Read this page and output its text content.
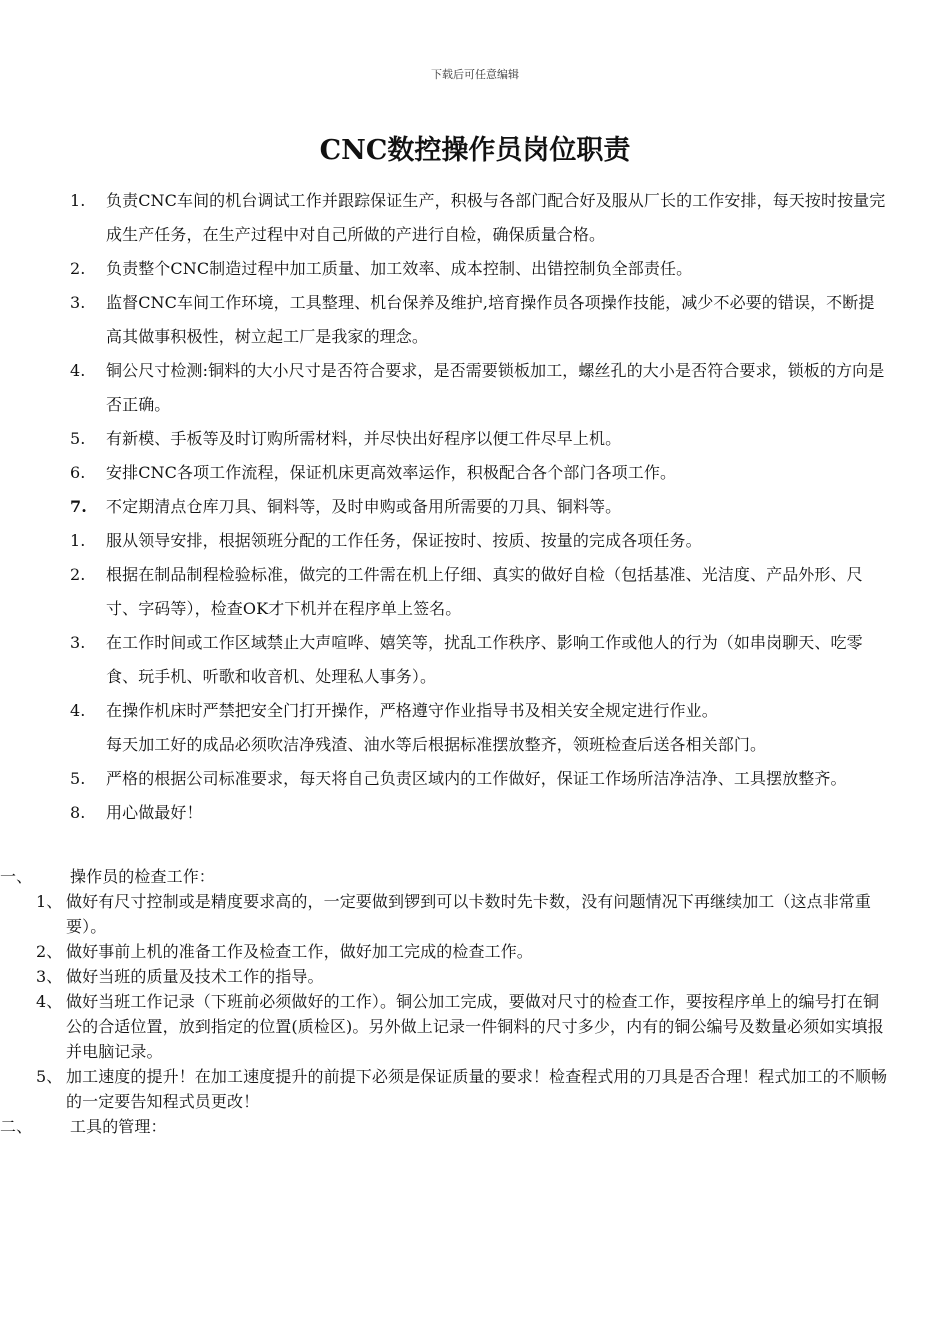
下载后可任意编辑
CNC数控操作员岗位职责
1. 负责CNC车间的机台调试工作并跟踪保证生产，积极与各部门配合好及服从厂长的工作安排，每天按时按量完成生产任务，在生产过程中对自己所做的产进行自检，确保质量合格。
2. 负责整个CNC制造过程中加工质量、加工效率、成本控制、出错控制负全部责任。
3. 监督CNC车间工作环境，工具整理、机台保养及维护,培育操作员各项操作技能，减少不必要的错误，不断提高其做事积极性，树立起工厂是我家的理念。
4. 铜公尺寸检测:铜料的大小尺寸是否符合要求，是否需要锁板加工，螺丝孔的大小是否符合要求，锁板的方向是否正确。
5. 有新模、手板等及时订购所需材料，并尽快出好程序以便工件尽早上机。
6. 安排CNC各项工作流程，保证机床更高效率运作，积极配合各个部门各项工作。
7. 不定期清点仓库刀具、铜料等，及时申购或备用所需要的刀具、铜料等。
1. 服从领导安排，根据领班分配的工作任务，保证按时、按质、按量的完成各项任务。
2. 根据在制品制程检验标准，做完的工件需在机上仔细、真实的做好自检（包括基准、光洁度、产品外形、尺寸、字码等），检查OK才下机并在程序单上签名。
3. 在工作时间或工作区域禁止大声喧哗、嬉笑等，扰乱工作秩序、影响工作或他人的行为（如串岗聊天、吃零食、玩手机、听歌和收音机、处理私人事务）。
4. 在操作机床时严禁把安全门打开操作，严格遵守作业指导书及相关安全规定进行作业。
每天加工好的成品必须吹洁净残渣、油水等后根据标准摆放整齐，领班检查后送各相关部门。
5. 严格的根据公司标准要求，每天将自己负责区域内的工作做好，保证工作场所洁净洁净、工具摆放整齐。
8. 用心做最好！
一、 操作员的检查工作：
1、 做好有尺寸控制或是精度要求高的，一定要做到锣到可以卡数时先卡数，没有问题情况下再继续加工（这点非常重要）。
2、 做好事前上机的准备工作及检查工作，做好加工完成的检查工作。
3、 做好当班的质量及技术工作的指导。
4、 做好当班工作记录（下班前必须做好的工作）。铜公加工完成，要做对尺寸的检查工作，要按程序单上的编号打在铜公的合适位置，放到指定的位置(质检区)。另外做上记录一件铜料的尺寸多少，内有的铜公编号及数量必须如实填报并电脑记录。
5、 加工速度的提升！在加工速度提升的前提下必须是保证质量的要求！检查程式用的刀具是否合理！程式加工的不顺畅的一定要告知程式员更改！
二、 工具的管理：
